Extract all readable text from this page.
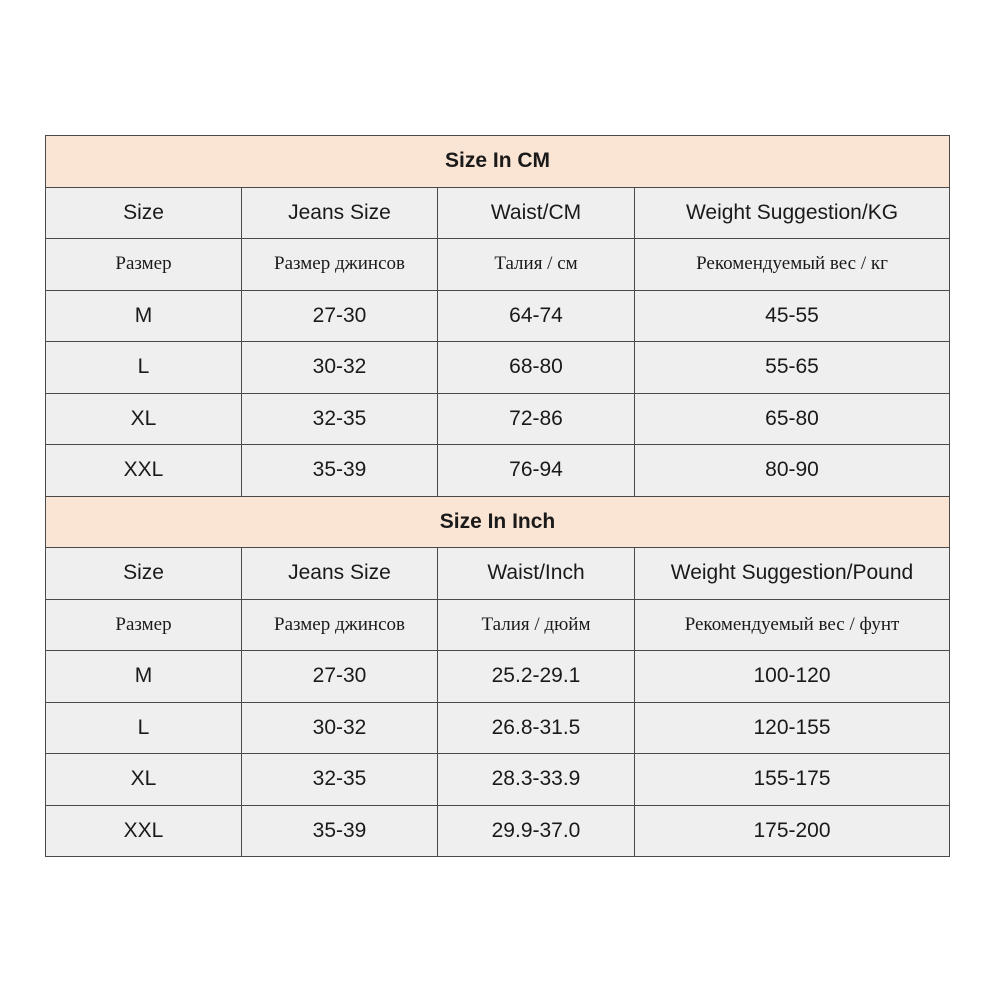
Size In CM			
Size	Jeans Size	Waist/CM	Weight Suggestion/KG
Размер	Размер джинсов	Талия / см	Рекомендуемый вес / кг
M	27-30	64-74	45-55
L	30-32	68-80	55-65
XL	32-35	72-86	65-80
XXL	35-39	76-94	80-90
Size In Inch			
Size	Jeans Size	Waist/Inch	Weight Suggestion/Pound
Размер	Размер джинсов	Талия / дюйм	Рекомендуемый вес / фунт
M	27-30	25.2-29.1	100-120
L	30-32	26.8-31.5	120-155
XL	32-35	28.3-33.9	155-175
XXL	35-39	29.9-37.0	175-200
